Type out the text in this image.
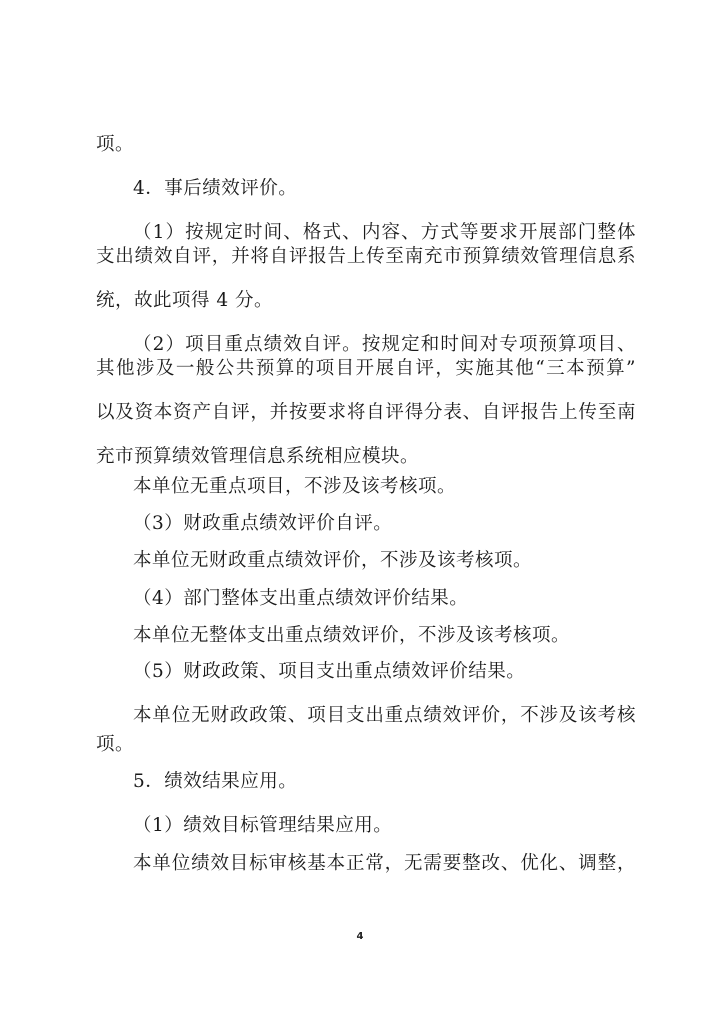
项。
4．事后绩效评价。
（1）按规定时间、格式、内容、方式等要求开展部门整体
支出绩效自评，并将自评报告上传至南充市预算绩效管理信息系
统，故此项得 4 分。
（2）项目重点绩效自评。按规定和时间对专项预算项目、
其他涉及一般公共预算的项目开展自评，实施其他“三本预算”
以及资本资产自评，并按要求将自评得分表、自评报告上传至南
充市预算绩效管理信息系统相应模块。
本单位无重点项目，不涉及该考核项。
（3）财政重点绩效评价自评。
本单位无财政重点绩效评价，不涉及该考核项。
（4）部门整体支出重点绩效评价结果。
本单位无整体支出重点绩效评价，不涉及该考核项。
（5）财政政策、项目支出重点绩效评价结果。
本单位无财政政策、项目支出重点绩效评价，不涉及该考核
项。
5．绩效结果应用。
（1）绩效目标管理结果应用。
本单位绩效目标审核基本正常，无需要整改、优化、调整，
4
